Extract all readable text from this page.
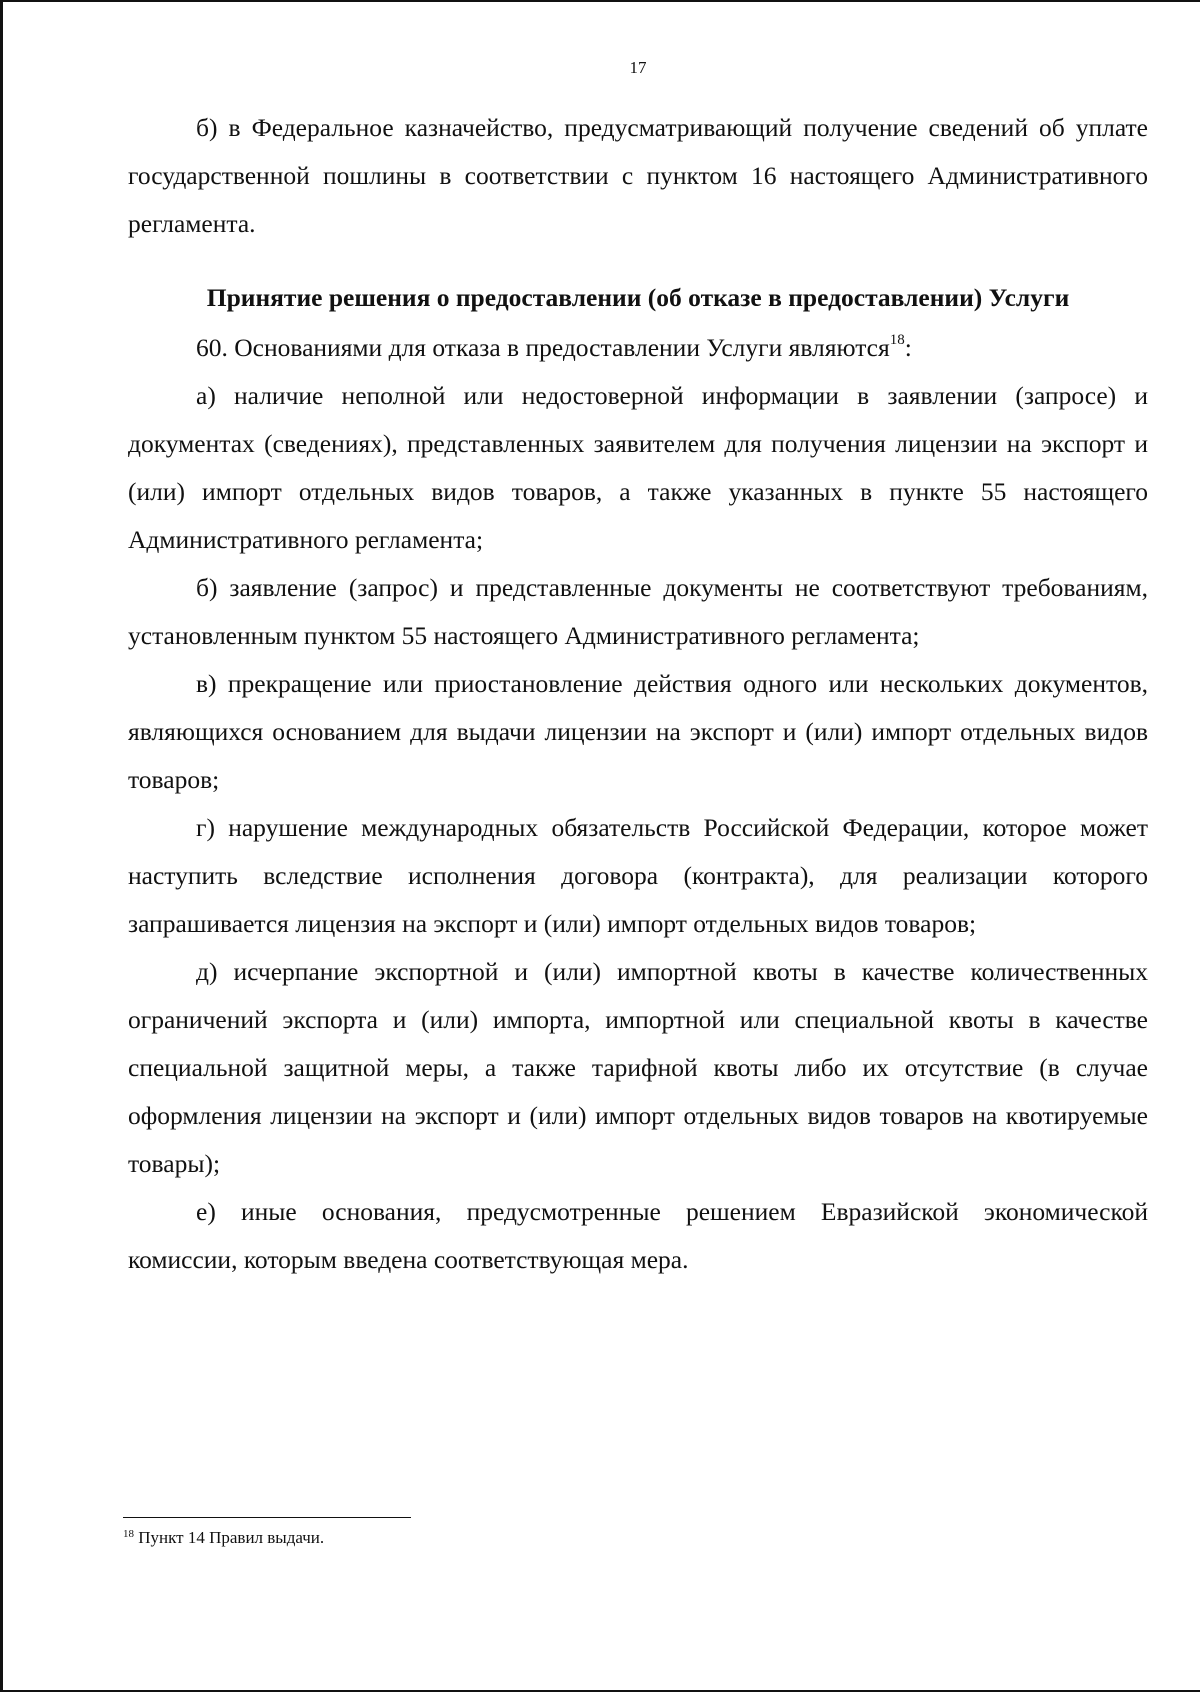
17

б) в Федеральное казначейство, предусматривающий получение сведений об уплате государственной пошлины в соответствии с пунктом 16 настоящего Административного регламента.

Принятие решения о предоставлении (об отказе в предоставлении) Услуги

60. Основаниями для отказа в предоставлении Услуги являются$^{18}$:

а) наличие неполной или недостоверной информации в заявлении (запросе) и документах (сведениях), представленных заявителем для получения лицензии на экспорт и (или) импорт отдельных видов товаров, а также указанных в пункте 55 настоящего Административного регламента;

б) заявление (запрос) и представленные документы не соответствуют требованиям, установленным пунктом 55 настоящего Административного регламента;

в) прекращение или приостановление действия одного или нескольких документов, являющихся основанием для выдачи лицензии на экспорт и (или) импорт отдельных видов товаров;

г) нарушение международных обязательств Российской Федерации, которое может наступить вследствие исполнения договора (контракта), для реализации которого запрашивается лицензия на экспорт и (или) импорт отдельных видов товаров;

д) исчерпание экспортной и (или) импортной квоты в качестве количественных ограничений экспорта и (или) импорта, импортной или специальной квоты в качестве специальной защитной меры, а также тарифной квоты либо их отсутствие (в случае оформления лицензии на экспорт и (или) импорт отдельных видов товаров на квотируемые товары);

е) иные основания, предусмотренные решением Евразийской экономической комиссии, которым введена соответствующая мера.

$^{18}$ Пункт 14 Правил выдачи.
